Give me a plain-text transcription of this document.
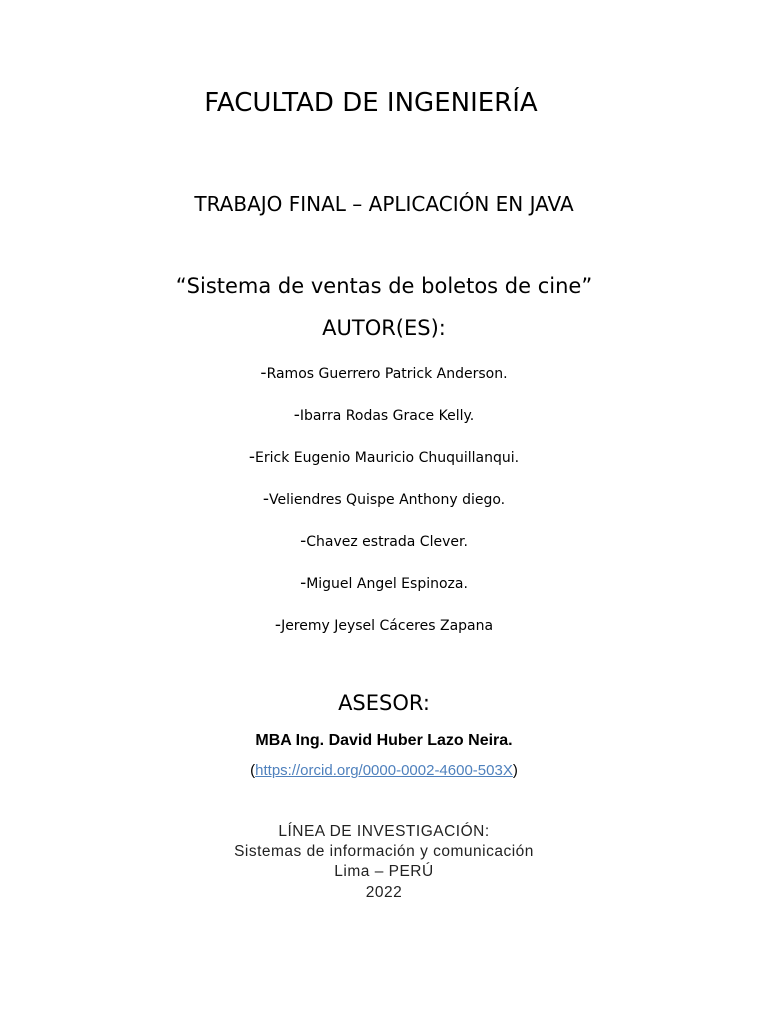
FACULTAD DE INGENIERÍA
TRABAJO FINAL – APLICACIÓN EN JAVA
“Sistema de ventas de boletos de cine”
AUTOR(ES):
-Ramos Guerrero Patrick Anderson.
-Ibarra Rodas Grace Kelly.
-Erick Eugenio Mauricio Chuquillanqui.
-Veliendres Quispe Anthony diego.
-Chavez estrada Clever.
-Miguel Angel Espinoza.
-Jeremy Jeysel Cáceres Zapana
ASESOR:
MBA Ing. David Huber Lazo Neira.
(https://orcid.org/0000-0002-4600-503X)
LÍNEA DE INVESTIGACIÓN:
Sistemas de información y comunicación
Lima – PERÚ
2022
